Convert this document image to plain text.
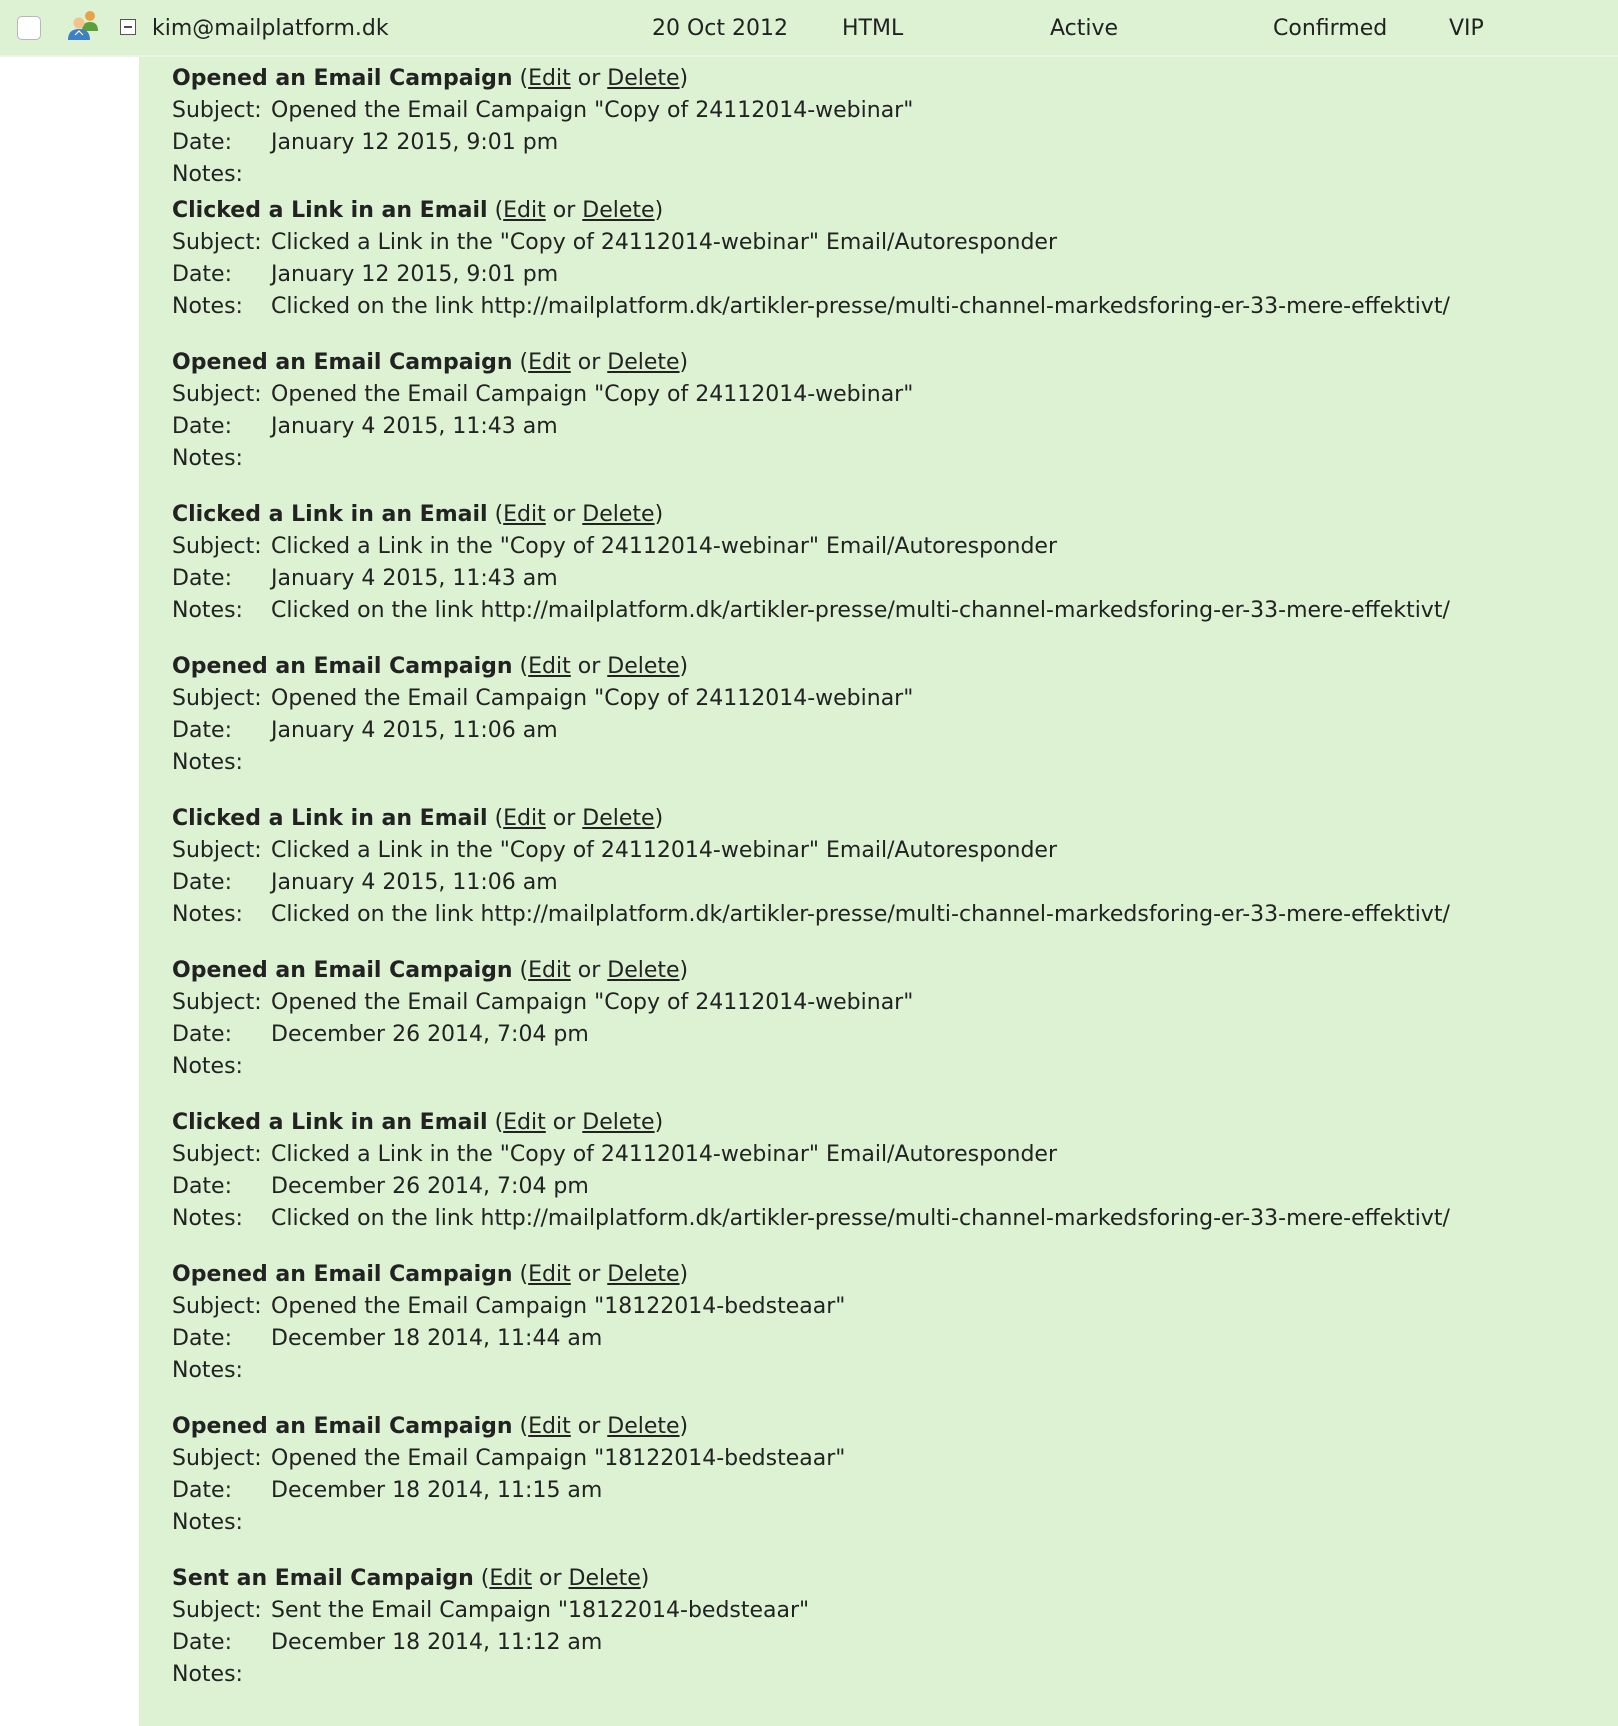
kim@mailplatform.dk	20 Oct 2012 HTML	Active	Confirmed	VIP
Opened an Email Campaign (Edit or Delete)
Subject: Opened the Email Campaign "Copy of 24112014-webinar"
Date: January 12 2015, 9:01 pm
Notes:
Clicked a Link in an Email (Edit or Delete)
Subject: Clicked a Link in the "Copy of 24112014-webinar" Email/Autoresponder
Date: January 12 2015, 9:01 pm
Notes: Clicked on the link http://mailplatform.dk/artikler-presse/multi-channel-markedsforing-er-33-mere-effektivt/
Opened an Email Campaign (Edit or Delete)
Subject: Opened the Email Campaign "Copy of 24112014-webinar"
Date: January 4 2015, 11:43 am
Notes:
Clicked a Link in an Email (Edit or Delete)
Subject: Clicked a Link in the "Copy of 24112014-webinar" Email/Autoresponder
Date: January 4 2015, 11:43 am
Notes: Clicked on the link http://mailplatform.dk/artikler-presse/multi-channel-markedsforing-er-33-mere-effektivt/
Opened an Email Campaign (Edit or Delete)
Subject: Opened the Email Campaign "Copy of 24112014-webinar"
Date: January 4 2015, 11:06 am
Notes:
Clicked a Link in an Email (Edit or Delete)
Subject: Clicked a Link in the "Copy of 24112014-webinar" Email/Autoresponder
Date: January 4 2015, 11:06 am
Notes: Clicked on the link http://mailplatform.dk/artikler-presse/multi-channel-markedsforing-er-33-mere-effektivt/
Opened an Email Campaign (Edit or Delete)
Subject: Opened the Email Campaign "Copy of 24112014-webinar"
Date: December 26 2014, 7:04 pm
Notes:
Clicked a Link in an Email (Edit or Delete)
Subject: Clicked a Link in the "Copy of 24112014-webinar" Email/Autoresponder
Date: December 26 2014, 7:04 pm
Notes: Clicked on the link http://mailplatform.dk/artikler-presse/multi-channel-markedsforing-er-33-mere-effektivt/
Opened an Email Campaign (Edit or Delete)
Subject: Opened the Email Campaign "18122014-bedsteaar"
Date: December 18 2014, 11:44 am
Notes:
Opened an Email Campaign (Edit or Delete)
Subject: Opened the Email Campaign "18122014-bedsteaar"
Date: December 18 2014, 11:15 am
Notes:
Sent an Email Campaign (Edit or Delete)
Subject: Sent the Email Campaign "18122014-bedsteaar"
Date: December 18 2014, 11:12 am
Notes:
